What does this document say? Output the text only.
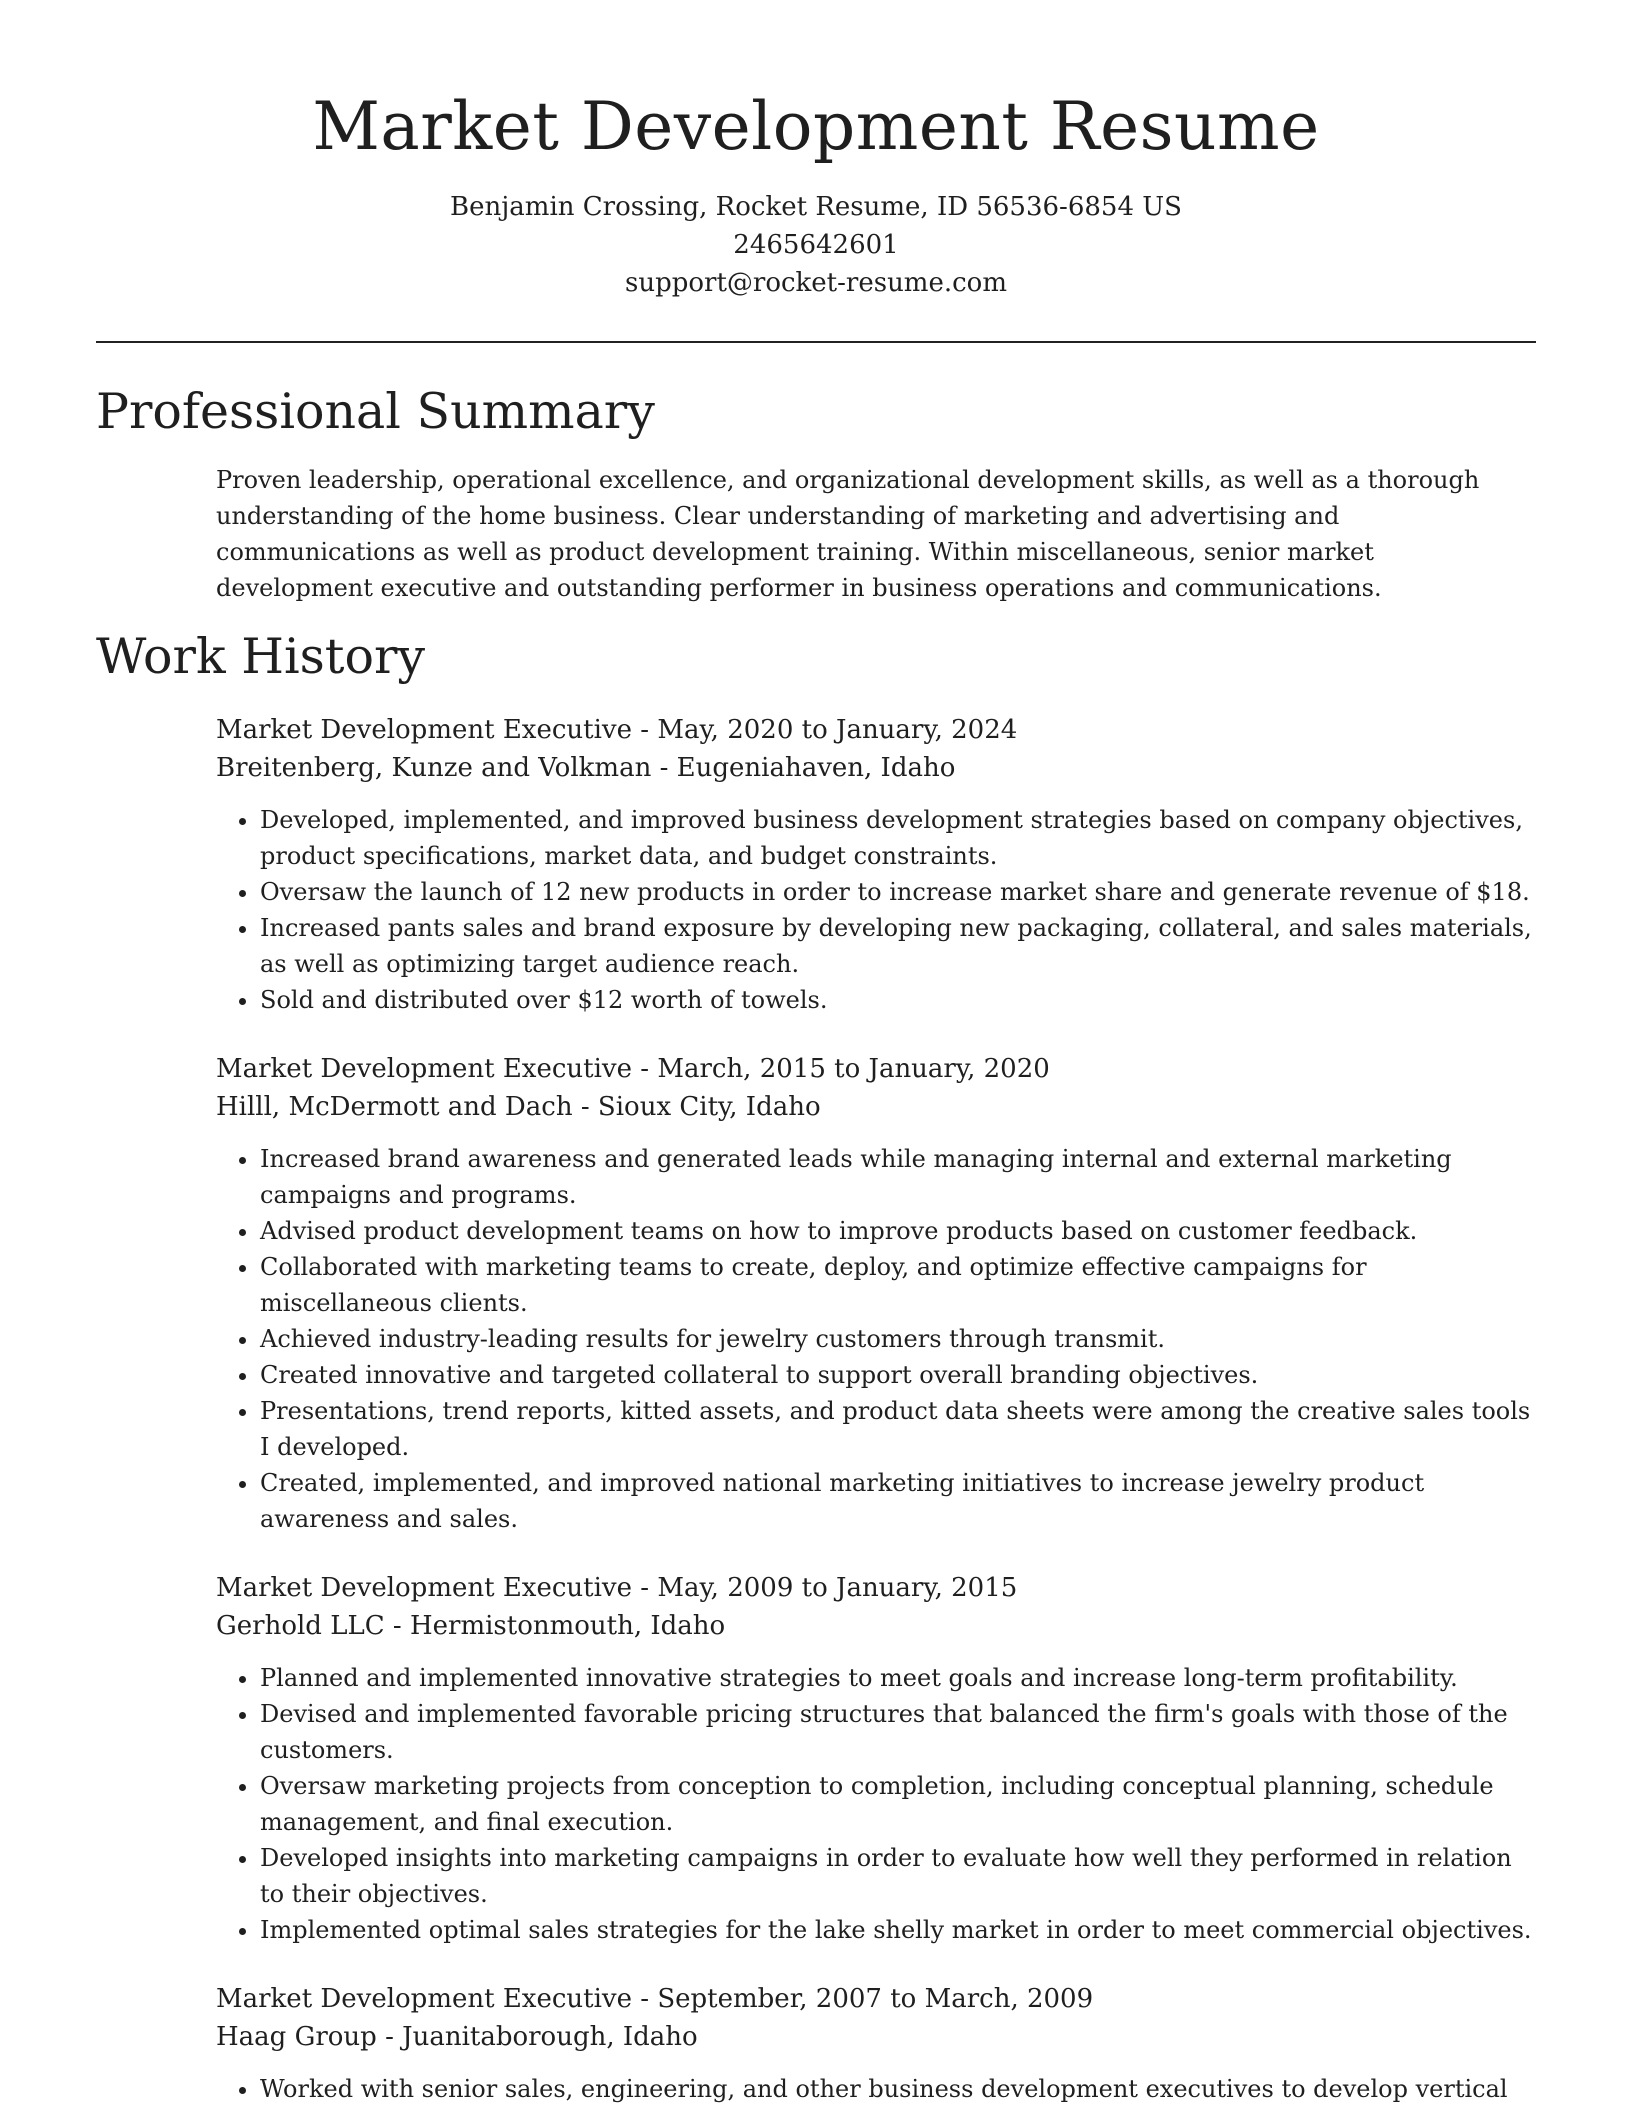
Market Development Resume
Benjamin Crossing, Rocket Resume, ID 56536-6854 US
2465642601
support@rocket-resume.com
Professional Summary

Proven leadership, operational excellence, and organizational development skills, as well as a thorough understanding of the home business. Clear understanding of marketing and advertising and communications as well as product development training. Within miscellaneous, senior market development executive and outstanding performer in business operations and communications.

Work History

Market Development Executive - May, 2020 to January, 2024

Breitenberg, Kunze and Volkman - Eugeniahaven, Idaho

• Developed, implemented, and improved business development strategies based on company objectives, product specifications, market data, and budget constraints.
• Oversaw the launch of 12 new products in order to increase market share and generate revenue of $18.
• Increased pants sales and brand exposure by developing new packaging, collateral, and sales materials, as well as optimizing target audience reach.
• Sold and distributed over $12 worth of towels.

Market Development Executive - March, 2015 to January, 2020

Hilll, McDermott and Dach - Sioux City, Idaho

• Increased brand awareness and generated leads while managing internal and external marketing campaigns and programs.
• Advised product development teams on how to improve products based on customer feedback.
• Collaborated with marketing teams to create, deploy, and optimize effective campaigns for miscellaneous clients.
• Achieved industry-leading results for jewelry customers through transmit.
• Created innovative and targeted collateral to support overall branding objectives.
• Presentations, trend reports, kitted assets, and product data sheets were among the creative sales tools I developed.
• Created, implemented, and improved national marketing initiatives to increase jewelry product awareness and sales.

Market Development Executive - May, 2009 to January, 2015

Gerhold LLC - Hermistonmouth, Idaho

• Planned and implemented innovative strategies to meet goals and increase long-term profitability.
• Devised and implemented favorable pricing structures that balanced the firm's goals with those of the customers.
• Oversaw marketing projects from conception to completion, including conceptual planning, schedule management, and final execution.
• Developed insights into marketing campaigns in order to evaluate how well they performed in relation to their objectives.
• Implemented optimal sales strategies for the lake shelly market in order to meet commercial objectives.

Market Development Executive - September, 2007 to March, 2009

Haag Group - Juanitaborough, Idaho

• Worked with senior sales, engineering, and other business development executives to develop vertical
